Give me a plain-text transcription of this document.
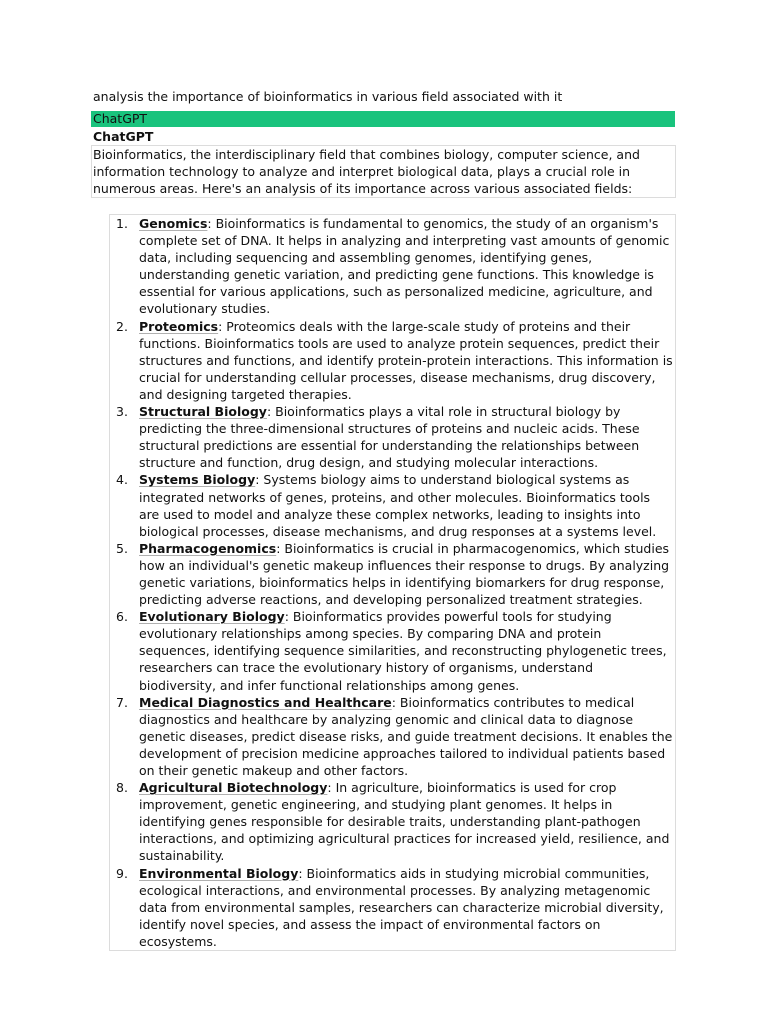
analysis the importance of bioinformatics in various field associated with it
ChatGPT
ChatGPT
Bioinformatics, the interdisciplinary field that combines biology, computer science, and information technology to analyze and interpret biological data, plays a crucial role in numerous areas. Here's an analysis of its importance across various associated fields:
1. Genomics: Bioinformatics is fundamental to genomics, the study of an organism's complete set of DNA. It helps in analyzing and interpreting vast amounts of genomic data, including sequencing and assembling genomes, identifying genes, understanding genetic variation, and predicting gene functions. This knowledge is essential for various applications, such as personalized medicine, agriculture, and evolutionary studies.
2. Proteomics: Proteomics deals with the large-scale study of proteins and their functions. Bioinformatics tools are used to analyze protein sequences, predict their structures and functions, and identify protein-protein interactions. This information is crucial for understanding cellular processes, disease mechanisms, drug discovery, and designing targeted therapies.
3. Structural Biology: Bioinformatics plays a vital role in structural biology by predicting the three-dimensional structures of proteins and nucleic acids. These structural predictions are essential for understanding the relationships between structure and function, drug design, and studying molecular interactions.
4. Systems Biology: Systems biology aims to understand biological systems as integrated networks of genes, proteins, and other molecules. Bioinformatics tools are used to model and analyze these complex networks, leading to insights into biological processes, disease mechanisms, and drug responses at a systems level.
5. Pharmacogenomics: Bioinformatics is crucial in pharmacogenomics, which studies how an individual's genetic makeup influences their response to drugs. By analyzing genetic variations, bioinformatics helps in identifying biomarkers for drug response, predicting adverse reactions, and developing personalized treatment strategies.
6. Evolutionary Biology: Bioinformatics provides powerful tools for studying evolutionary relationships among species. By comparing DNA and protein sequences, identifying sequence similarities, and reconstructing phylogenetic trees, researchers can trace the evolutionary history of organisms, understand biodiversity, and infer functional relationships among genes.
7. Medical Diagnostics and Healthcare: Bioinformatics contributes to medical diagnostics and healthcare by analyzing genomic and clinical data to diagnose genetic diseases, predict disease risks, and guide treatment decisions. It enables the development of precision medicine approaches tailored to individual patients based on their genetic makeup and other factors.
8. Agricultural Biotechnology: In agriculture, bioinformatics is used for crop improvement, genetic engineering, and studying plant genomes. It helps in identifying genes responsible for desirable traits, understanding plant-pathogen interactions, and optimizing agricultural practices for increased yield, resilience, and sustainability.
9. Environmental Biology: Bioinformatics aids in studying microbial communities, ecological interactions, and environmental processes. By analyzing metagenomic data from environmental samples, researchers can characterize microbial diversity, identify novel species, and assess the impact of environmental factors on ecosystems.
